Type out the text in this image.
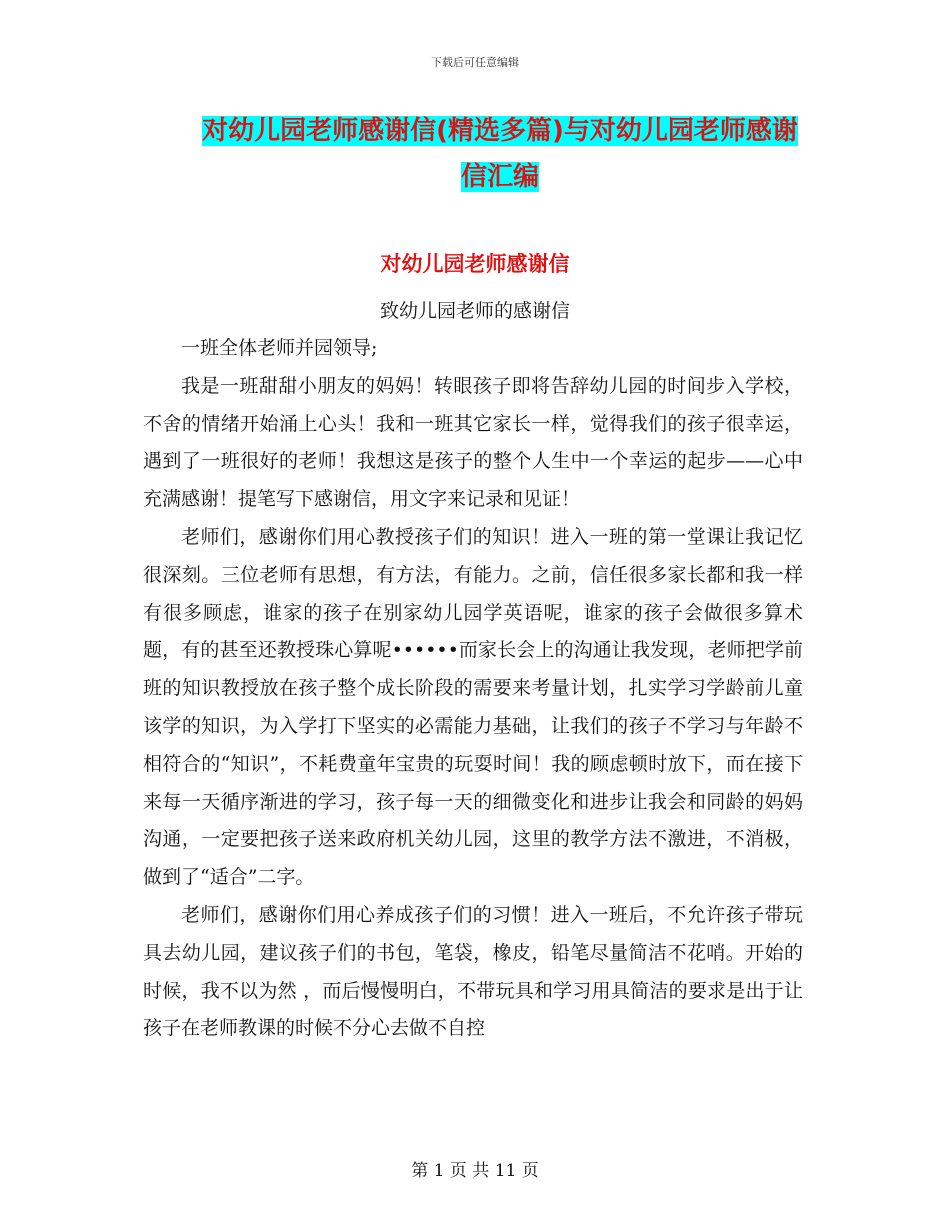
下载后可任意编辑
对幼儿园老师感谢信(精选多篇)与对幼儿园老师感谢
信汇编
对幼儿园老师感谢信
致幼儿园老师的感谢信

一班全体老师并园领导;

我是一班甜甜小朋友的妈妈！转眼孩子即将告辞幼儿园的时间步入学校，不舍的情绪开始涌上心头！我和一班其它家长一样，觉得我们的孩子很幸运，遇到了一班很好的老师！我想这是孩子的整个人生中一个幸运的起步——心中充满感谢！提笔写下感谢信，用文字来记录和见证！

老师们，感谢你们用心教授孩子们的知识！进入一班的第一堂课让我记忆很深刻。三位老师有思想，有方法，有能力。之前，信任很多家长都和我一样有很多顾虑，谁家的孩子在别家幼儿园学英语呢，谁家的孩子会做很多算术题，有的甚至还教授珠心算呢••••••而家长会上的沟通让我发现，老师把学前班的知识教授放在孩子整个成长阶段的需要来考量计划，扎实学习学龄前儿童该学的知识，为入学打下坚实的必需能力基础，让我们的孩子不学习与年龄不相符合的“知识”，不耗费童年宝贵的玩耍时间！我的顾虑顿时放下，而在接下来每一天循序渐进的学习，孩子每一天的细微变化和进步让我会和同龄的妈妈沟通，一定要把孩子送来政府机关幼儿园，这里的教学方法不激进，不消极，做到了“适合”二字。

老师们，感谢你们用心养成孩子们的习惯！进入一班后，不允许孩子带玩具去幼儿园，建议孩子们的书包，笔袋，橡皮，铅笔尽量简洁不花哨。开始的时候，我不以为然 ，而后慢慢明白，不带玩具和学习用具简洁的要求是出于让孩子在老师教课的时候不分心去做不自控

第 1 页 共 11 页
